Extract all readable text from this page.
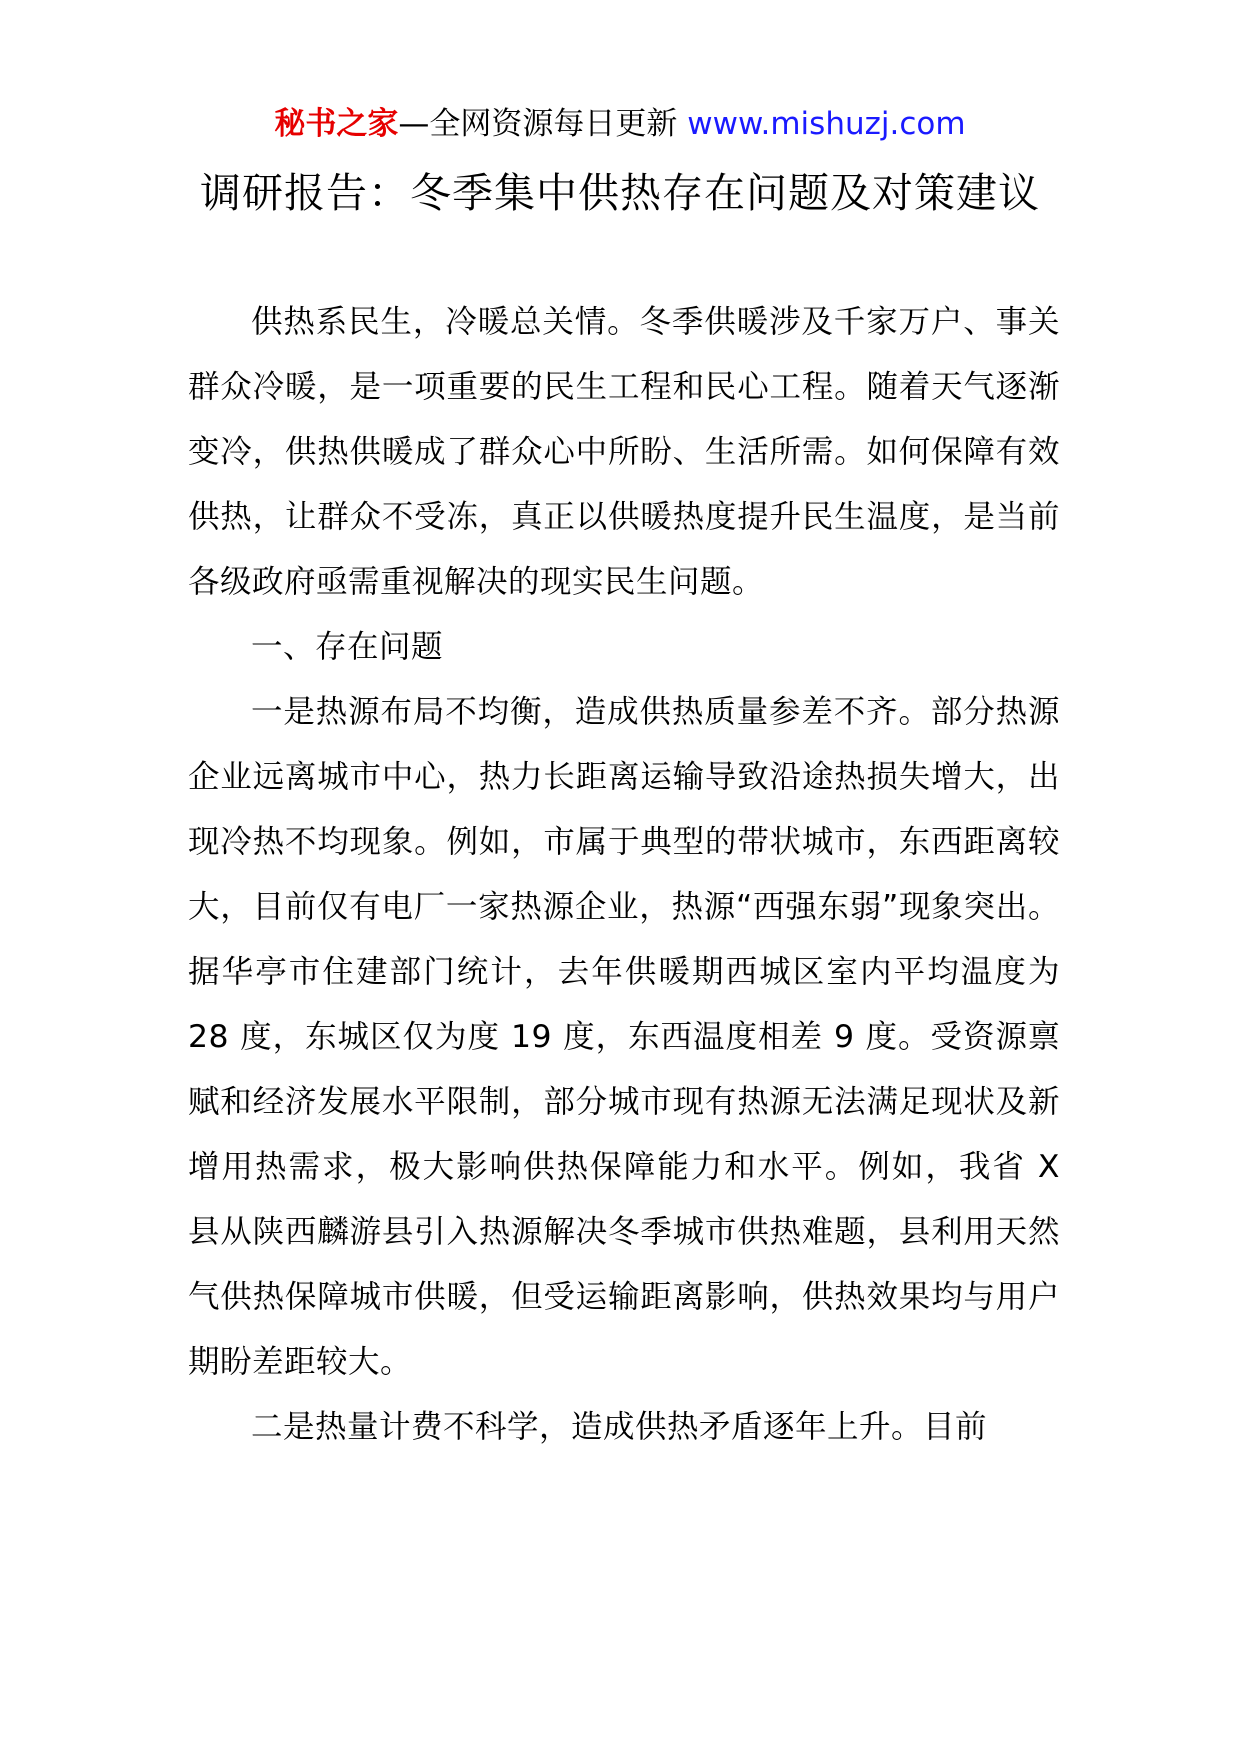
秘书之家—全网资源每日更新 www.mishuzj.com
调研报告：冬季集中供热存在问题及对策建议

供热系民生，冷暖总关情。冬季供暖涉及千家万户、事关群众冷暖，是一项重要的民生工程和民心工程。随着天气逐渐变冷，供热供暖成了群众心中所盼、生活所需。如何保障有效供热，让群众不受冻，真正以供暖热度提升民生温度，是当前各级政府亟需重视解决的现实民生问题。

一、存在问题

一是热源布局不均衡，造成供热质量参差不齐。部分热源企业远离城市中心，热力长距离运输导致沿途热损失增大，出现冷热不均现象。例如，市属于典型的带状城市，东西距离较大，目前仅有电厂一家热源企业，热源“西强东弱”现象突出。据华亭市住建部门统计，去年供暖期西城区室内平均温度为 28 度，东城区仅为度 19 度，东西温度相差 9 度。受资源禀赋和经济发展水平限制，部分城市现有热源无法满足现状及新增用热需求，极大影响供热保障能力和水平。例如，我省 X 县从陕西麟游县引入热源解决冬季城市供热难题，县利用天然气供热保障城市供暖，但受运输距离影响，供热效果均与用户期盼差距较大。

二是热量计费不科学，造成供热矛盾逐年上升。目前
